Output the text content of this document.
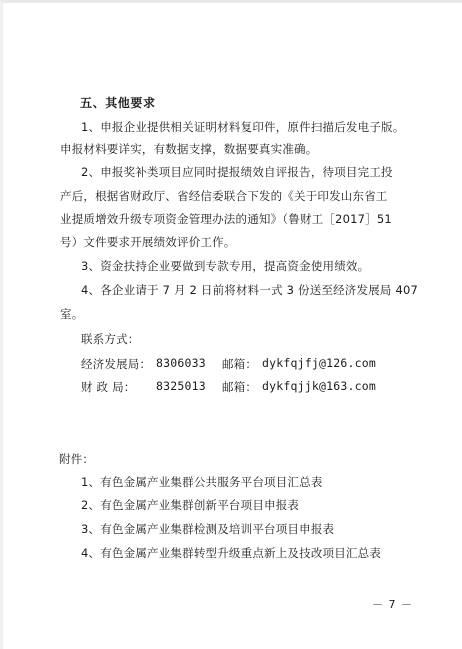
五、其他要求
1、申报企业提供相关证明材料复印件，原件扫描后发电子版。
申报材料要详实，有数据支撑，数据要真实准确。
2、申报奖补类项目应同时提报绩效自评报告，待项目完工投
产后，根据省财政厅、省经信委联合下发的《关于印发山东省工
业提质增效升级专项资金管理办法的通知》（鲁财工［2017］51
号）文件要求开展绩效评价工作。
3、资金扶持企业要做到专款专用，提高资金使用绩效。
4、各企业请于 7 月 2 日前将材料一式 3 份送至经济发展局 407
室。
联系方式：
经济发展局： 8306033 邮箱： dykfqjfj@126.com
财 政 局： 8325013 邮箱： dykfqjjk@163.com
附件：
1、有色金属产业集群公共服务平台项目汇总表
2、有色金属产业集群创新平台项目申报表
3、有色金属产业集群检测及培训平台项目申报表
4、有色金属产业集群转型升级重点新上及技改项目汇总表
－ 7 －
